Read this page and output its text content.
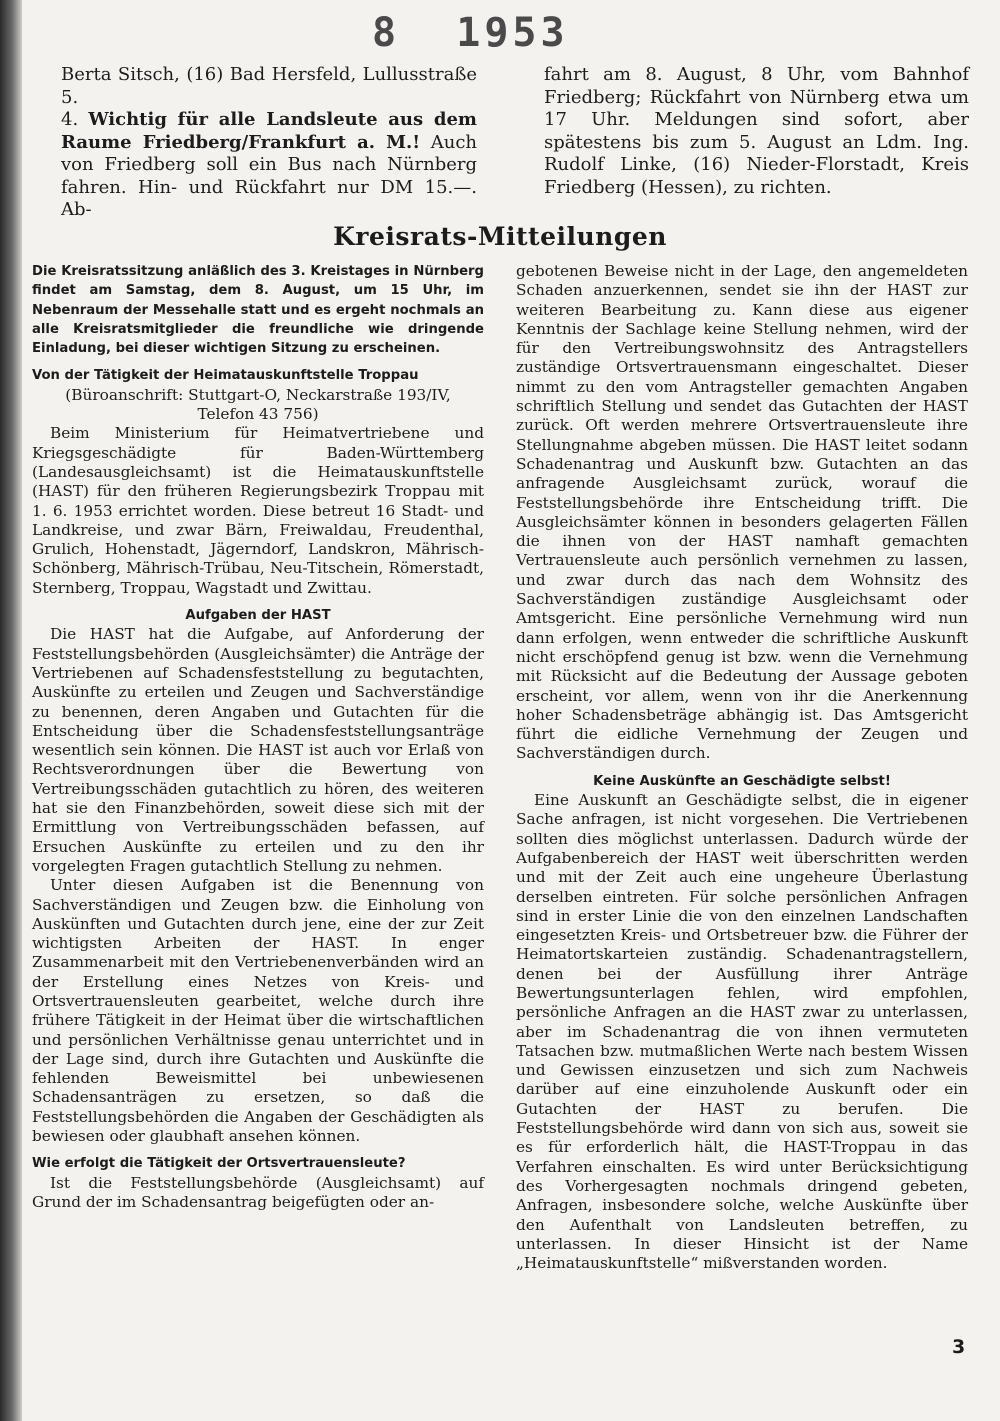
8  1953

Berta Sitsch, (16) Bad Hersfeld, Lullusstraße 5.

4. Wichtig für alle Landsleute aus dem Raume Friedberg/Frankfurt a. M.! Auch von Friedberg soll ein Bus nach Nürnberg fahren. Hin- und Rückfahrt nur DM 15.—. Ab-

fahrt am 8. August, 8 Uhr, vom Bahnhof Friedberg; Rückfahrt von Nürnberg etwa um 17 Uhr. Meldungen sind sofort, aber spätestens bis zum 5. August an Ldm. Ing. Rudolf Linke, (16) Nieder-Florstadt, Kreis Friedberg (Hessen), zu richten.

Kreisrats-Mitteilungen

Die Kreisratssitzung anläßlich des 3. Kreistages in Nürnberg findet am Samstag, dem 8. August, um 15 Uhr, im Nebenraum der Messehalle statt und es ergeht nochmals an alle Kreisratsmitglieder die freundliche wie dringende Einladung, bei dieser wichtigen Sitzung zu erscheinen.

Von der Tätigkeit der Heimatauskunftstelle Troppau

(Büroanschrift: Stuttgart-O, Neckarstraße 193/IV,

Telefon 43 756)

Beim Ministerium für Heimatvertriebene und Kriegsgeschädigte für Baden-Württemberg (Landesausgleichsamt) ist die Heimatauskunftstelle (HAST) für den früheren Regierungsbezirk Troppau mit 1. 6. 1953 errichtet worden. Diese betreut 16 Stadt- und Landkreise, und zwar Bärn, Freiwaldau, Freudenthal, Grulich, Hohenstadt, Jägerndorf, Landskron, Mährisch-Schönberg, Mährisch-Trübau, Neu-Titschein, Römerstadt, Sternberg, Troppau, Wagstadt und Zwittau.

Aufgaben der HAST

Die HAST hat die Aufgabe, auf Anforderung der Feststellungsbehörden (Ausgleichsämter) die Anträge der Vertriebenen auf Schadensfeststellung zu begutachten, Auskünfte zu erteilen und Zeugen und Sachverständige zu benennen, deren Angaben und Gutachten für die Entscheidung über die Schadensfeststellungsanträge wesentlich sein können. Die HAST ist auch vor Erlaß von Rechtsverordnungen über die Bewertung von Vertreibungsschäden gutachtlich zu hören, des weiteren hat sie den Finanzbehörden, soweit diese sich mit der Ermittlung von Vertreibungsschäden befassen, auf Ersuchen Auskünfte zu erteilen und zu den ihr vorgelegten Fragen gutachtlich Stellung zu nehmen.

Unter diesen Aufgaben ist die Benennung von Sachverständigen und Zeugen bzw. die Einholung von Auskünften und Gutachten durch jene, eine der zur Zeit wichtigsten Arbeiten der HAST. In enger Zusammenarbeit mit den Vertriebenenverbänden wird an der Erstellung eines Netzes von Kreis- und Ortsvertrauensleuten gearbeitet, welche durch ihre frühere Tätigkeit in der Heimat über die wirtschaftlichen und persönlichen Verhältnisse genau unterrichtet und in der Lage sind, durch ihre Gutachten und Auskünfte die fehlenden Beweismittel bei unbewiesenen Schadensanträgen zu ersetzen, so daß die Feststellungsbehörden die Angaben der Geschädigten als bewiesen oder glaubhaft ansehen können.

Wie erfolgt die Tätigkeit der Ortsvertrauensleute?

Ist die Feststellungsbehörde (Ausgleichsamt) auf Grund der im Schadensantrag beigefügten oder an-

gebotenen Beweise nicht in der Lage, den angemeldeten Schaden anzuerkennen, sendet sie ihn der HAST zur weiteren Bearbeitung zu. Kann diese aus eigener Kenntnis der Sachlage keine Stellung nehmen, wird der für den Vertreibungswohnsitz des Antragstellers zuständige Ortsvertrauensmann eingeschaltet. Dieser nimmt zu den vom Antragsteller gemachten Angaben schriftlich Stellung und sendet das Gutachten der HAST zurück. Oft werden mehrere Ortsvertrauensleute ihre Stellungnahme abgeben müssen. Die HAST leitet sodann Schadenantrag und Auskunft bzw. Gutachten an das anfragende Ausgleichsamt zurück, worauf die Feststellungsbehörde ihre Entscheidung trifft. Die Ausgleichsämter können in besonders gelagerten Fällen die ihnen von der HAST namhaft gemachten Vertrauensleute auch persönlich vernehmen zu lassen, und zwar durch das nach dem Wohnsitz des Sachverständigen zuständige Ausgleichsamt oder Amtsgericht. Eine persönliche Vernehmung wird nun dann erfolgen, wenn entweder die schriftliche Auskunft nicht erschöpfend genug ist bzw. wenn die Vernehmung mit Rücksicht auf die Bedeutung der Aussage geboten erscheint, vor allem, wenn von ihr die Anerkennung hoher Schadensbeträge abhängig ist. Das Amtsgericht führt die eidliche Vernehmung der Zeugen und Sachverständigen durch.

Keine Auskünfte an Geschädigte selbst!

Eine Auskunft an Geschädigte selbst, die in eigener Sache anfragen, ist nicht vorgesehen. Die Vertriebenen sollten dies möglichst unterlassen. Dadurch würde der Aufgabenbereich der HAST weit überschritten werden und mit der Zeit auch eine ungeheure Überlastung derselben eintreten. Für solche persönlichen Anfragen sind in erster Linie die von den einzelnen Landschaften eingesetzten Kreis- und Ortsbetreuer bzw. die Führer der Heimatortskarteien zuständig. Schadenantragstellern, denen bei der Ausfüllung ihrer Anträge Bewertungsunterlagen fehlen, wird empfohlen, persönliche Anfragen an die HAST zwar zu unterlassen, aber im Schadenantrag die von ihnen vermuteten Tatsachen bzw. mutmaßlichen Werte nach bestem Wissen und Gewissen einzusetzen und sich zum Nachweis darüber auf eine einzuholende Auskunft oder ein Gutachten der HAST zu berufen. Die Feststellungsbehörde wird dann von sich aus, soweit sie es für erforderlich hält, die HAST-Troppau in das Verfahren einschalten. Es wird unter Berücksichtigung des Vorhergesagten nochmals dringend gebeten, Anfragen, insbesondere solche, welche Auskünfte über den Aufenthalt von Landsleuten betreffen, zu unterlassen. In dieser Hinsicht ist der Name „Heimatauskunftstelle“ mißverstanden worden.

3
